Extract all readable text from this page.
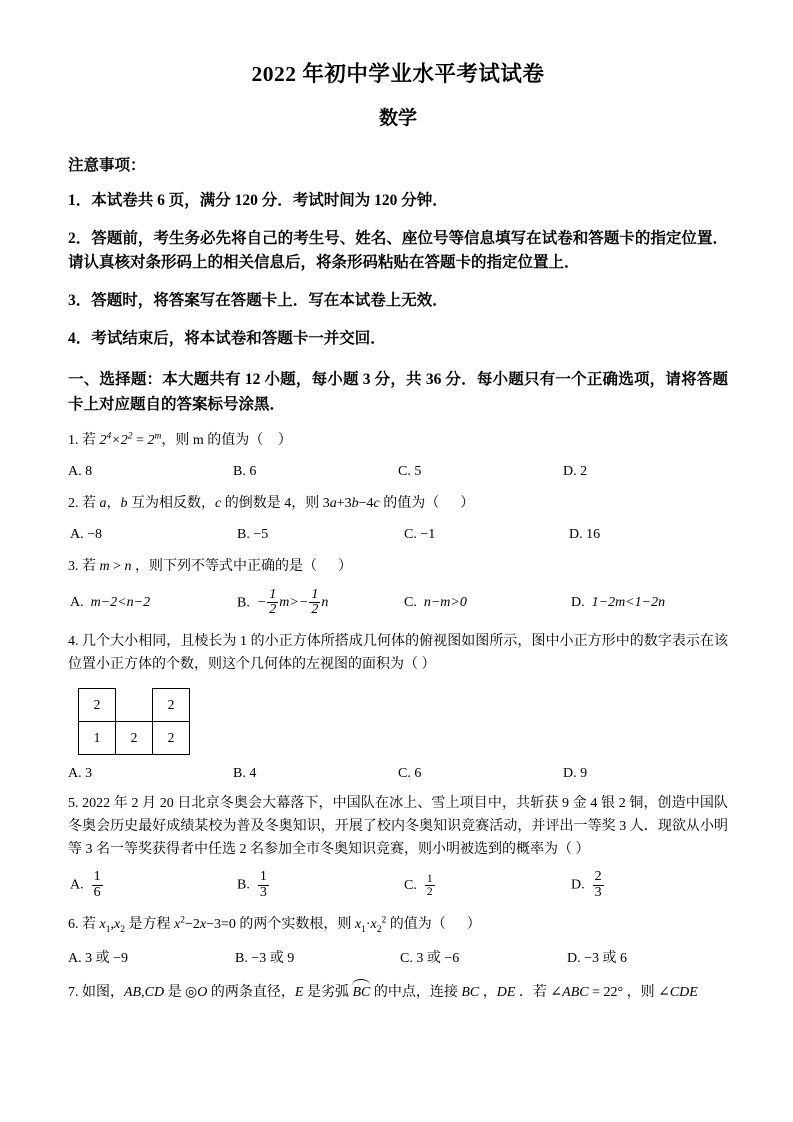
2022 年初中学业水平考试试卷
数学
注意事项：
1．本试卷共 6 页，满分 120 分．考试时间为 120 分钟．
2．答题前，考生务必先将自己的考生号、姓名、座位号等信息填写在试卷和答题卡的指定位置．请认真核对条形码上的相关信息后，将条形码粘贴在答题卡的指定位置上．
3．答题时，将答案写在答题卡上．写在本试卷上无效．
4．考试结束后，将本试卷和答题卡一并交回．
一、选择题：本大题共有 12 小题，每小题 3 分，共 36 分．每小题只有一个正确选项，请将答题卡上对应题自的答案标号涂黑．
1. 若 $2^4\times 2^2 = 2^m$，则 m 的值为（  ）
A. 8	B. 6	C. 5	D. 2
2. 若 a，b 互为相反数，c 的倒数是 4，则 3a+3b−4c 的值为（  ）
A. −8	B. −5	C. −1	D. 16
3. 若 m > n ，则下列不等式中正确的是（  ）
A. m−2<n−2	B. − $\frac{1}{2} m>- \frac{1}{2}$ n	C. n−m>0	D. 1−2m<1−2n
4. 几个大小相同，且棱长为 1 的小正方体所搭成几何体的俯视图如图所示，图中小正方形中的数字表示在该位置小正方体的个数，则这个几何体的左视图的面积为（ ）
2		2
1	2	2
A. 3	B. 4	C. 6	D. 9
5. 2022 年 2 月 20 日北京冬奥会大幕落下，中国队在冰上、雪上项目中，共斩获 9 金 4 银 2 铜，创造中国队冬奥会历史最好成绩某校为普及冬奥知识，开展了校内冬奥知识竞赛活动，并评出一等奖 3 人．现欲从小明等 3 名一等奖获得者中任选 2 名参加全市冬奥知识竞赛，则小明被选到的概率为（ ）
A. $\frac{1}{6}$	B. $\frac{1}{3}$	C. $\frac{1}{2}$	D. $\frac{2}{3}$
6. 若 $x_1,x_2$ 是方程 $x^2-2x-3=0$ 的两个实数根，则 $x_1\cdot x_2^2$ 的值为（  ）
A. 3 或 −9	B. −3 或 9	C. 3 或 −6	D. −3 或 6
7. 如图，AB,CD 是 ◎O 的两条直径，E 是劣弧 BC 的中点，连接 BC ，DE ．若 ∠ABC = 22° ，则 ∠CDE
